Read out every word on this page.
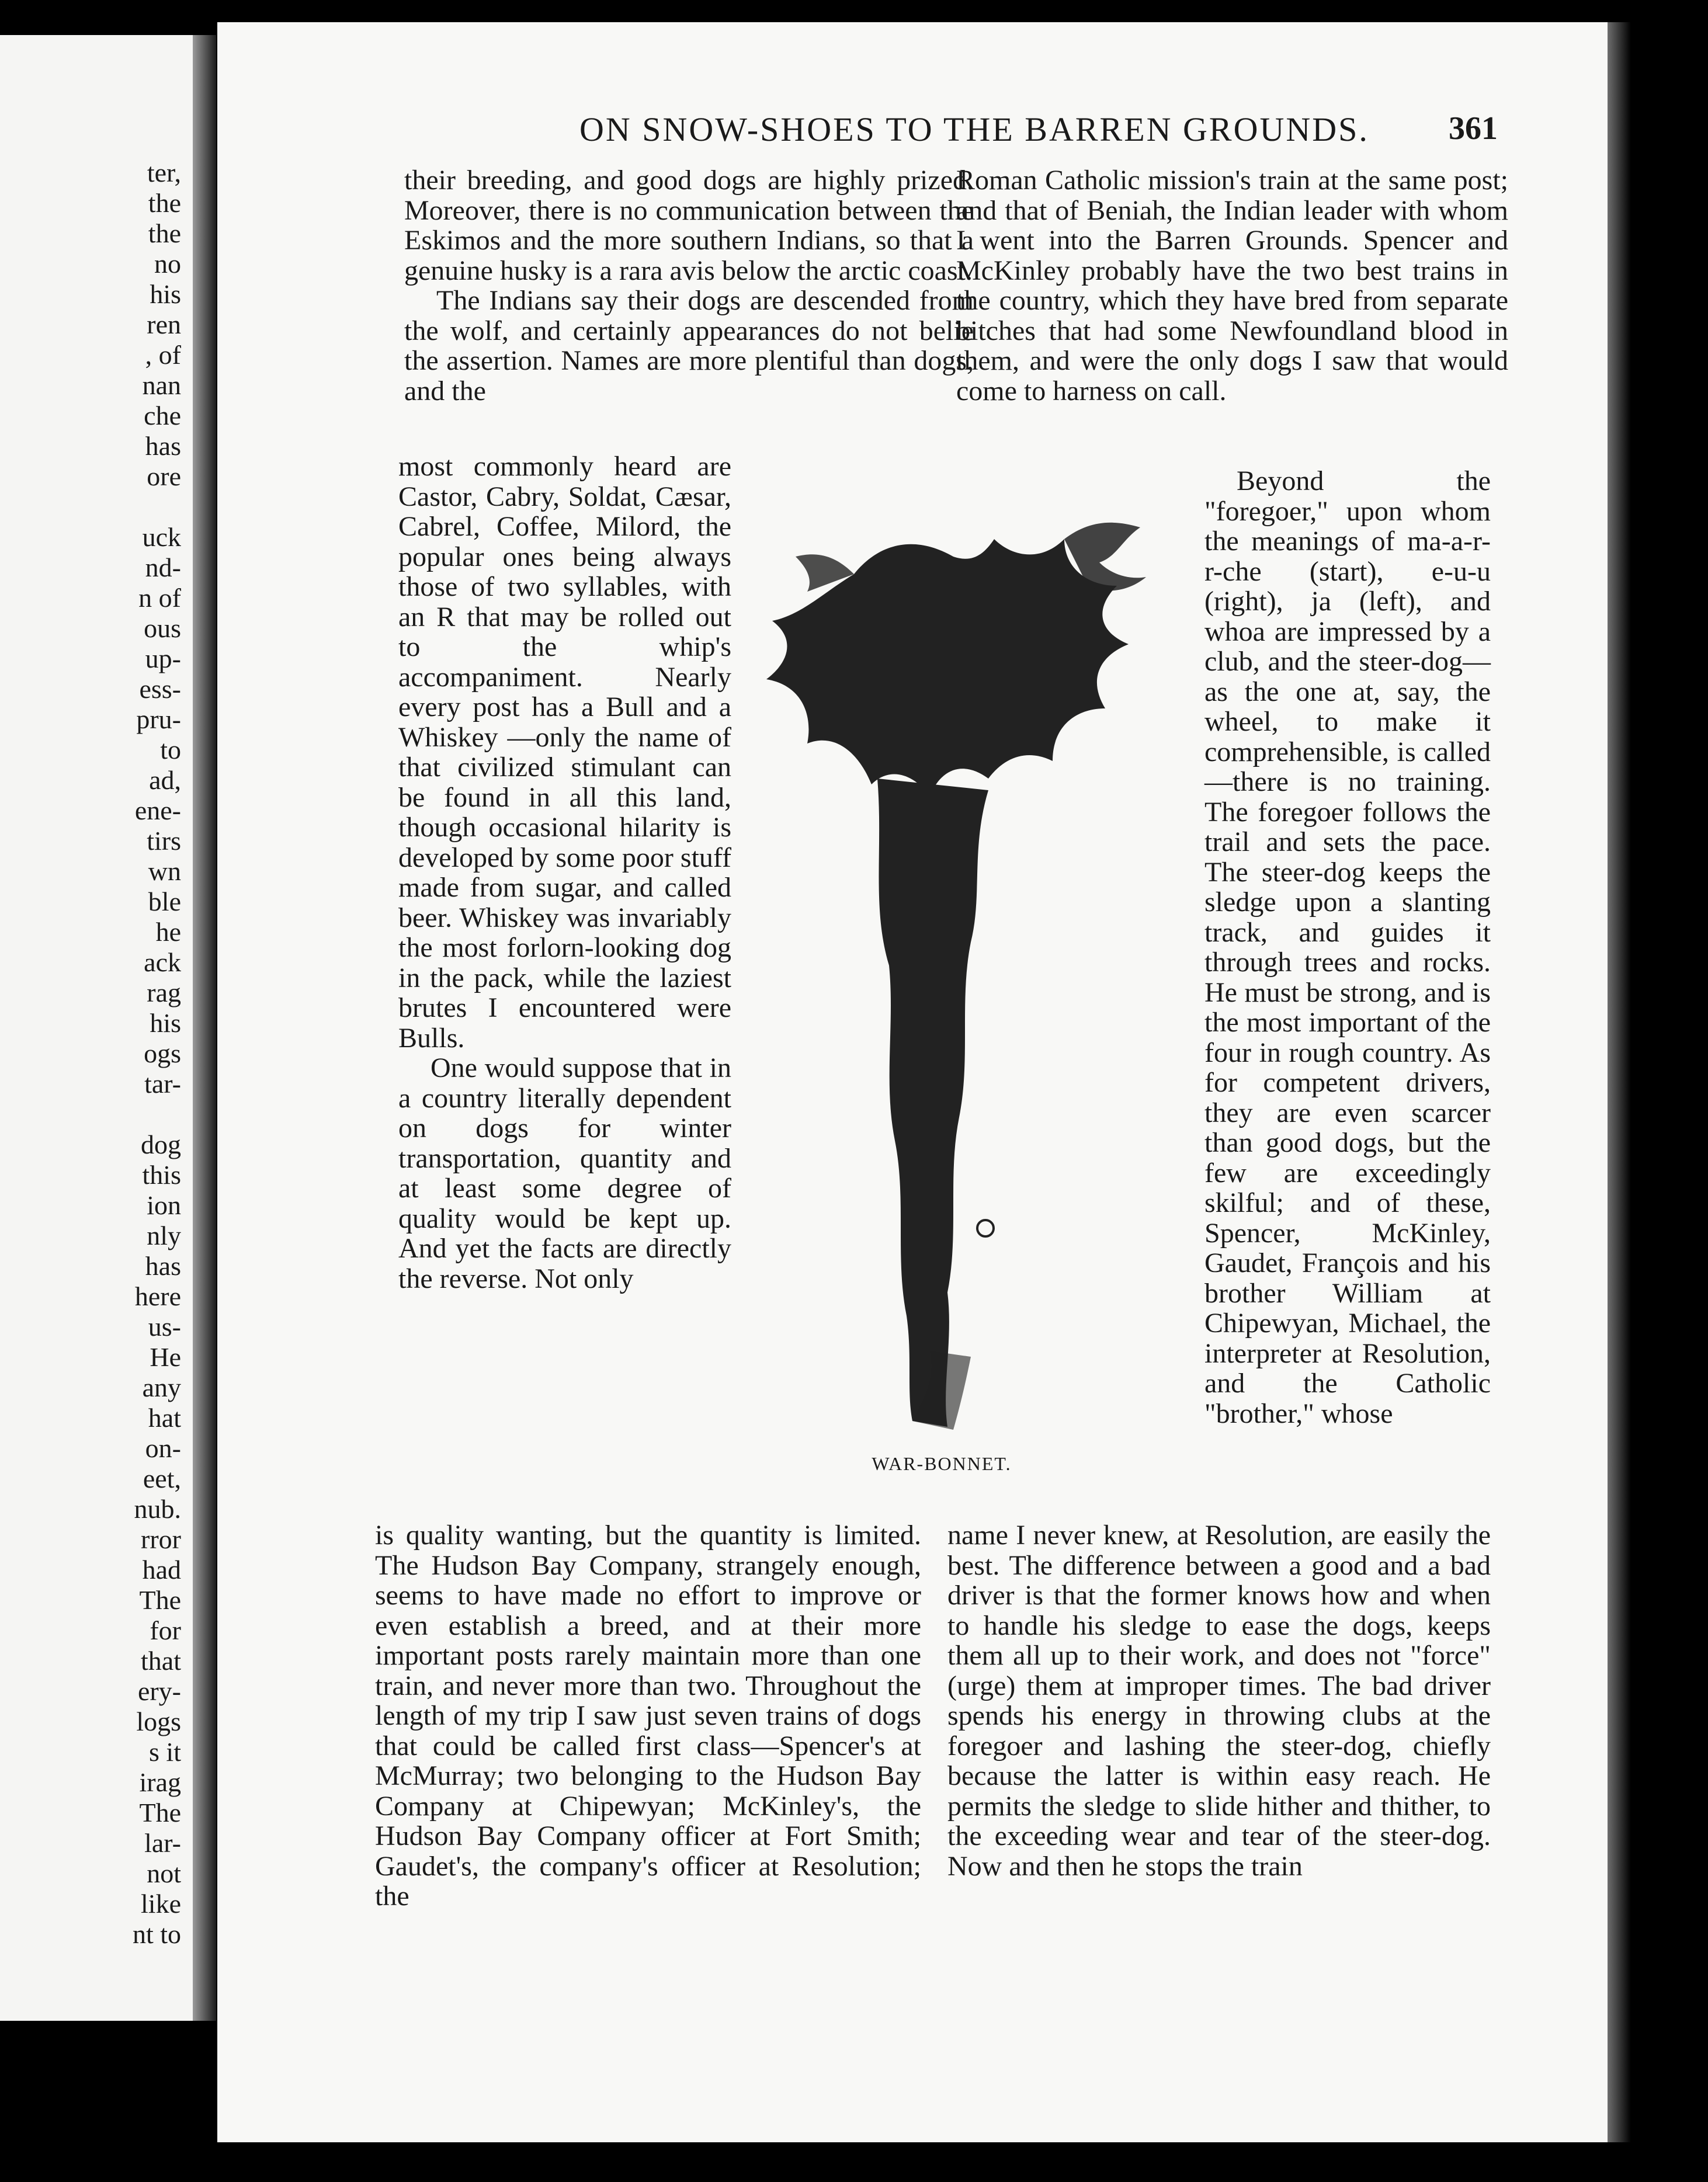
ter,
the
the
no
his
ren
, of
nan
che
has
ore

uck
nd-
n of
ous
up-
ess-
pru-
to
ad,
ene-
tirs
wn
ble
he
ack
rag
his
ogs
tar-

dog
this
ion
nly
has
here
us-
He
any
hat
on-
eet,
nub.
rror
had
The
for
that
ery-
logs
s it
irag
The
lar-
not
like
nt to
ON SNOW-SHOES TO THE BARREN GROUNDS. 361

their breeding, and good dogs are highly prized. Moreover, there is no communication between the Eskimos and the more southern Indians, so that a genuine husky is a rara avis below the arctic coast.

The Indians say their dogs are descended from the wolf, and certainly appearances do not belie the assertion. Names are more plentiful than dogs, and the

most commonly heard are Castor, Cabry, Soldat, Cæsar, Cabrel, Coffee, Milord, the popular ones being always those of two syllables, with an R that may be rolled out to the whip's accompaniment. Nearly every post has a Bull and a Whiskey —only the name of that civilized stimulant can be found in all this land, though occasional hilarity is developed by some poor stuff made from sugar, and called beer. Whiskey was invariably the most forlorn-looking dog in the pack, while the laziest brutes I encountered were Bulls.

One would suppose that in a country literally dependent on dogs for winter transportation, quantity and at least some degree of quality would be kept up. And yet the facts are directly the reverse. Not only

is quality wanting, but the quantity is limited. The Hudson Bay Company, strangely enough, seems to have made no effort to improve or even establish a breed, and at their more important posts rarely maintain more than one train, and never more than two. Throughout the length of my trip I saw just seven trains of dogs that could be called first class—Spencer's at McMurray; two belonging to the Hudson Bay Company at Chipewyan; McKinley's, the Hudson Bay Company officer at Fort Smith; Gaudet's, the company's officer at Resolution; the

Roman Catholic mission's train at the same post; and that of Beniah, the Indian leader with whom I went into the Barren Grounds. Spencer and McKinley probably have the two best trains in the country, which they have bred from separate bitches that had some Newfoundland blood in them, and were the only dogs I saw that would come to harness on call.

Beyond the "foregoer," upon whom the meanings of ma-a-r-r-che (start), e-u-u (right), ja (left), and whoa are impressed by a club, and the steer-dog—as the one at, say, the wheel, to make it comprehensible, is called—there is no training. The foregoer follows the trail and sets the pace. The steer-dog keeps the sledge upon a slanting track, and guides it through trees and rocks. He must be strong, and is the most important of the four in rough country. As for competent drivers, they are even scarcer than good dogs, but the few are exceedingly skilful; and of these, Spencer, McKinley, Gaudet, François and his brother William at Chipewyan, Michael, the interpreter at Resolution, and the Catholic "brother," whose

name I never knew, at Resolution, are easily the best. The difference between a good and a bad driver is that the former knows how and when to handle his sledge to ease the dogs, keeps them all up to their work, and does not "force" (urge) them at improper times. The bad driver spends his energy in throwing clubs at the foregoer and lashing the steer-dog, chiefly because the latter is within easy reach. He permits the sledge to slide hither and thither, to the exceeding wear and tear of the steer-dog. Now and then he stops the train

WAR-BONNET.
